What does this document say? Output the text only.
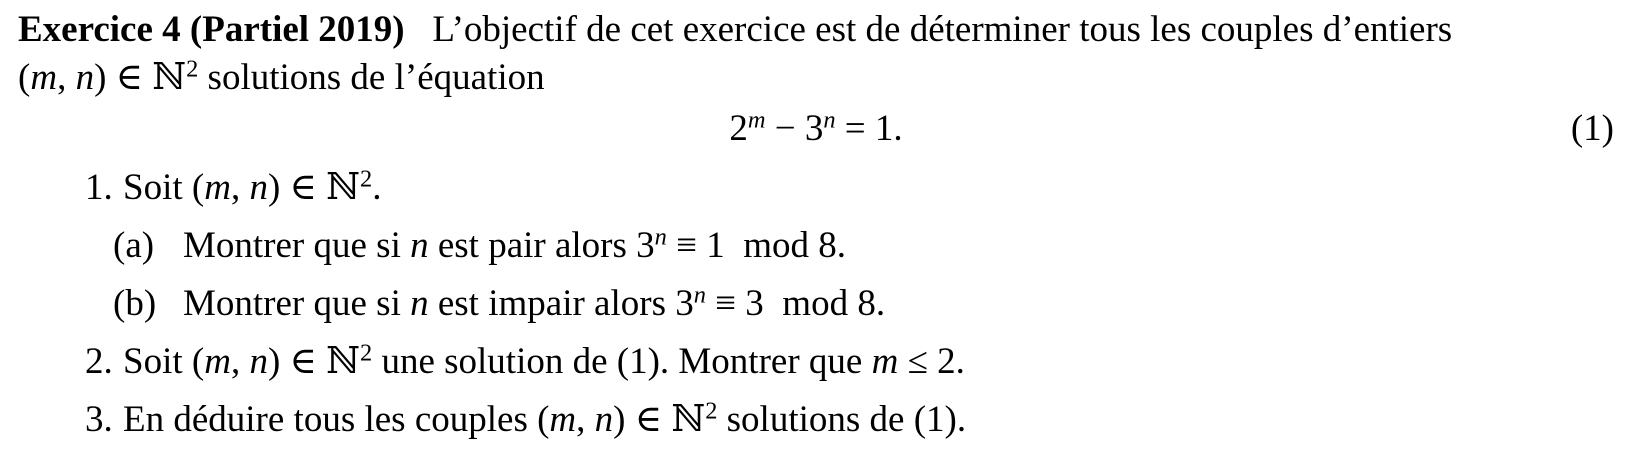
Exercice 4 (Partiel 2019)  L’objectif de cet exercice est de déterminer tous les couples d’entiers
(m, n) ∈ ℕ$^2$ solutions de l’équation
$2^m - 3^n = 1$.	(1)
1. Soit (m, n) ∈ ℕ$^2$.
(a) Montrer que si n est pair alors $3^n \equiv 1$  mod 8.
(b) Montrer que si n est impair alors $3^n \equiv 3$  mod 8.
2. Soit (m, n) ∈ ℕ$^2$ une solution de (1). Montrer que m ≤ 2.
3. En déduire tous les couples (m, n) ∈ ℕ$^2$ solutions de (1).
